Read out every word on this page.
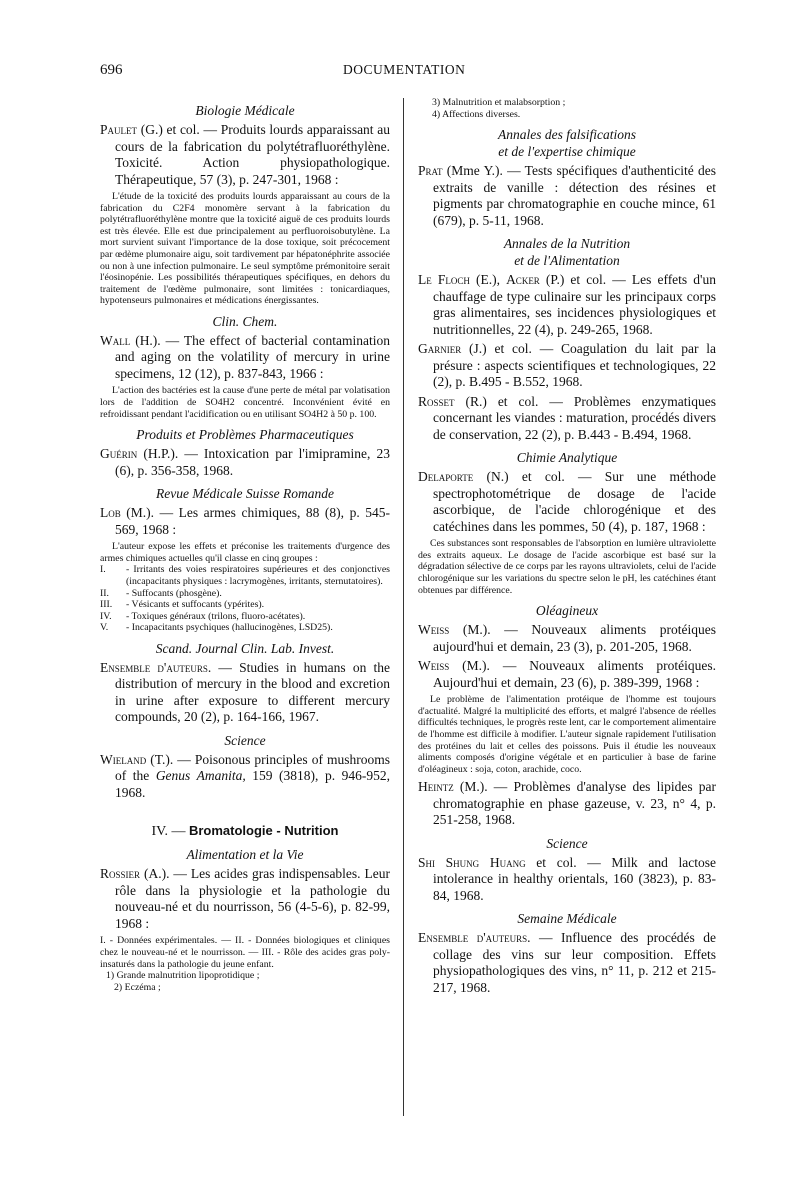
696	DOCUMENTATION
Biologie Médicale

Paulet (G.) et col. — Produits lourds apparaissant au cours de la fabrication du polytétrafluoréthylène. Toxicité. Action physiopathologique. Thérapeutique, 57 (3), p. 247-301, 1968 :

L'étude de la toxicité des produits lourds apparaissant au cours de la fabrication du C2F4 monomère servant à la fabrication du polytétrafluoréthylène montre que la toxicité aiguë de ces produits lourds est très élevée. Elle est due principalement au perfluoroisobutylène. La mort survient suivant l'importance de la dose toxique, soit précocement par œdème plumonaire aigu, soit tardivement par hépatonéphrite associée ou non à une infection pulmonaire. Le seul symptôme prémonitoire serait l'éosinopénie. Les possibilités thérapeutiques spécifiques, en dehors du traitement de l'œdème pulmonaire, sont limitées : tonicardiaques, hypotenseurs pulmonaires et médications énergissantes.

Clin. Chem.

Wall (H.). — The effect of bacterial contamination and aging on the volatility of mercury in urine specimens, 12 (12), p. 837-843, 1966 :

L'action des bactéries est la cause d'une perte de métal par volatisation lors de l'addition de SO4H2 concentré. Inconvénient évité en refroidissant pendant l'acidification ou en utilisant SO4H2 à 50 p. 100.

Produits et Problèmes Pharmaceutiques

Guérin (H.P.). — Intoxication par l'imipramine, 23 (6), p. 356-358, 1968.

Revue Médicale Suisse Romande

Lob (M.). — Les armes chimiques, 88 (8), p. 545-569, 1968 :

L'auteur expose les effets et préconise les traitements d'urgence des armes chimiques actuelles qu'il classe en cinq groupes :

I.	- Irritants des voies respiratoires supérieures et des conjonctives (incapacitants physiques : lacrymogènes, irritants, sternutatoires).
II.	- Suffocants (phosgène).
III.	- Vésicants et suffocants (ypérites).
IV.	- Toxiques généraux (trilons, fluoro-acétates).
V.	- Incapacitants psychiques (hallucinogènes, LSD25).
Scand. Journal Clin. Lab. Invest.

Ensemble d'auteurs. — Studies in humans on the distribution of mercury in the blood and excretion in urine after exposure to different mercury compounds, 20 (2), p. 164-166, 1967.

Science

Wieland (T.). — Poisonous principles of mushrooms of the Genus Amanita, 159 (3818), p. 946-952, 1968.

IV. — Bromatologie - Nutrition
Alimentation et la Vie

Rossier (A.). — Les acides gras indispensables. Leur rôle dans la physiologie et la pathologie du nouveau-né et du nourrisson, 56 (4-5-6), p. 82-99, 1968 :

I. - Données expérimentales. — II. - Données biologiques et cliniques chez le nouveau-né et le nourrisson. — III. - Rôle des acides gras poly-insaturés dans la pathologie du jeune enfant.

1) Grande malnutrition lipoprotidique ;
2) Eczéma ;
3) Malnutrition et malabsorption ;
4) Affections diverses.
Annales des falsifications
et de l'expertise chimique

Prat (Mme Y.). — Tests spécifiques d'authenticité des extraits de vanille : détection des résines et pigments par chromatographie en couche mince, 61 (679), p. 5-11, 1968.

Annales de la Nutrition
et de l'Alimentation

Le Floch (E.), Acker (P.) et col. — Les effets d'un chauffage de type culinaire sur les principaux corps gras alimentaires, ses incidences physiologiques et nutritionnelles, 22 (4), p. 249-265, 1968.

Garnier (J.) et col. — Coagulation du lait par la présure : aspects scientifiques et technologiques, 22 (2), p. B.495 - B.552, 1968.

Rosset (R.) et col. — Problèmes enzymatiques concernant les viandes : maturation, procédés divers de conservation, 22 (2), p. B.443 - B.494, 1968.

Chimie Analytique

Delaporte (N.) et col. — Sur une méthode spectrophotométrique de dosage de l'acide ascorbique, de l'acide chlorogénique et des catéchines dans les pommes, 50 (4), p. 187, 1968 :

Ces substances sont responsables de l'absorption en lumière ultraviolette des extraits aqueux. Le dosage de l'acide ascorbique est basé sur la dégradation sélective de ce corps par les rayons ultraviolets, celui de l'acide chlorogénique sur les variations du spectre selon le pH, les catéchines étant obtenues par différence.

Oléagineux

Weiss (M.). — Nouveaux aliments protéiques aujourd'hui et demain, 23 (3), p. 201-205, 1968.

Weiss (M.). — Nouveaux aliments protéiques. Aujourd'hui et demain, 23 (6), p. 389-399, 1968 :

Le problème de l'alimentation protéique de l'homme est toujours d'actualité. Malgré la multiplicité des efforts, et malgré l'absence de réelles difficultés techniques, le progrès reste lent, car le comportement alimentaire de l'homme est difficile à modifier. L'auteur signale rapidement l'utilisation des protéines du lait et celles des poissons. Puis il étudie les nouveaux aliments composés d'origine végétale et en particulier à base de farine d'oléagineux : soja, coton, arachide, coco.

Heintz (M.). — Problèmes d'analyse des lipides par chromatographie en phase gazeuse, v. 23, n° 4, p. 251-258, 1968.

Science

Shi Shung Huang et col. — Milk and lactose intolerance in healthy orientals, 160 (3823), p. 83-84, 1968.

Semaine Médicale

Ensemble d'auteurs. — Influence des procédés de collage des vins sur leur composition. Effets physiopathologiques des vins, n° 11, p. 212 et 215-217, 1968.
